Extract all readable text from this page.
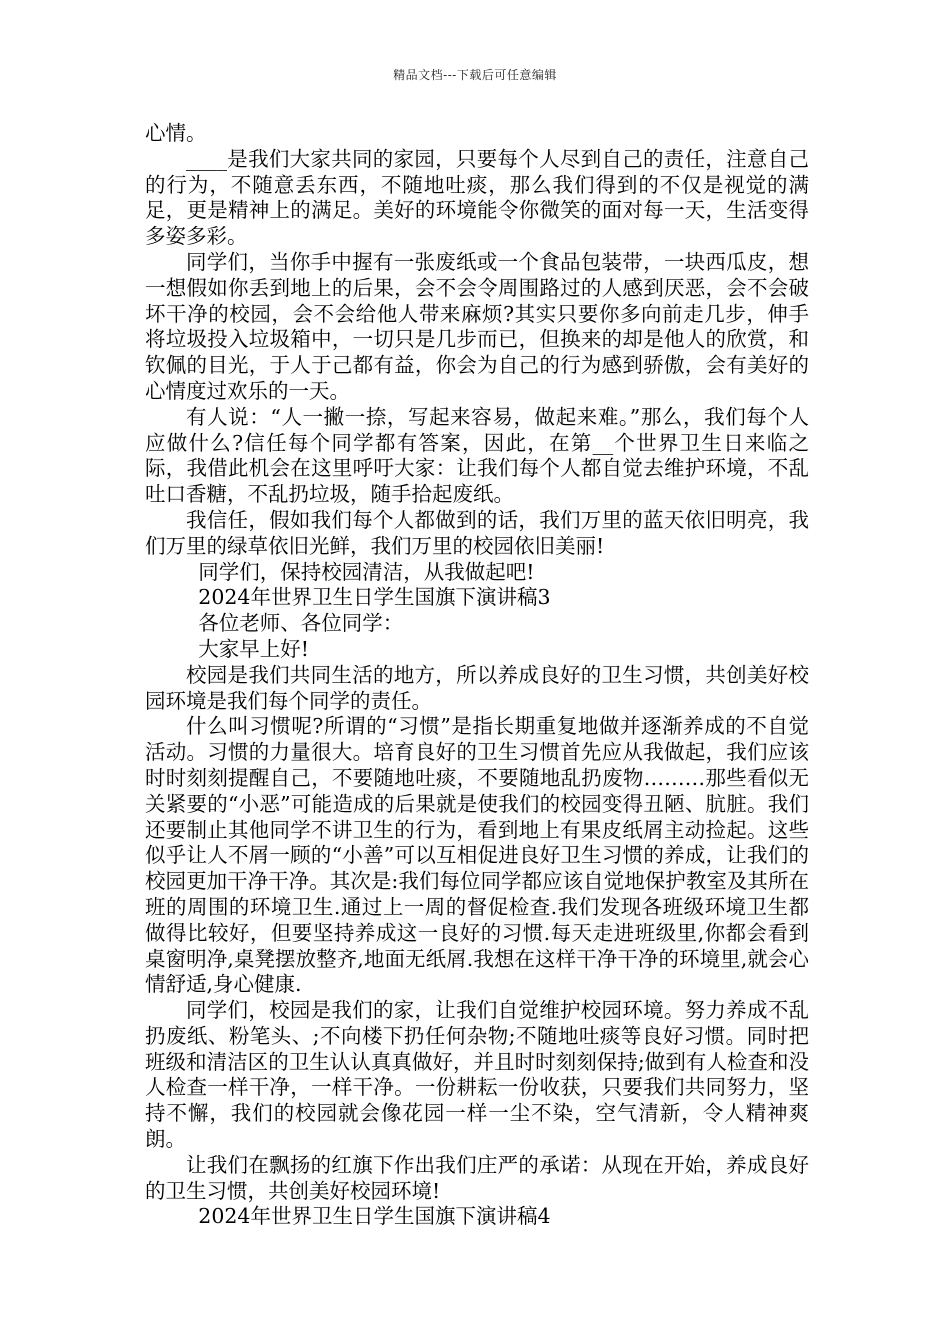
精品文档---下载后可任意编辑

心情。

____是我们大家共同的家园，只要每个人尽到自己的责任，注意自己的行为，不随意丢东西，不随地吐痰，那么我们得到的不仅是视觉的满足，更是精神上的满足。美好的环境能令你微笑的面对每一天，生活变得多姿多彩。

同学们，当你手中握有一张废纸或一个食品包装带，一块西瓜皮，想一想假如你丢到地上的后果，会不会令周围路过的人感到厌恶，会不会破坏干净的校园，会不会给他人带来麻烦?其实只要你多向前走几步，伸手将垃圾投入垃圾箱中，一切只是几步而已，但换来的却是他人的欣赏，和钦佩的目光，于人于己都有益，你会为自己的行为感到骄傲，会有美好的心情度过欢乐的一天。

有人说：“人一撇一捺，写起来容易，做起来难。”那么，我们每个人应做什么?信任每个同学都有答案，因此，在第__个世界卫生日来临之际，我借此机会在这里呼吁大家：让我们每个人都自觉去维护环境，不乱吐口香糖，不乱扔垃圾，随手拾起废纸。

我信任，假如我们每个人都做到的话，我们万里的蓝天依旧明亮，我们万里的绿草依旧光鲜，我们万里的校园依旧美丽!

同学们，保持校园清洁，从我做起吧!

2024年世界卫生日学生国旗下演讲稿3

各位老师、各位同学：

大家早上好!

校园是我们共同生活的地方，所以养成良好的卫生习惯，共创美好校园环境是我们每个同学的责任。

什么叫习惯呢?所谓的“习惯”是指长期重复地做并逐渐养成的不自觉活动。习惯的力量很大。培育良好的卫生习惯首先应从我做起，我们应该时时刻刻提醒自己，不要随地吐痰，不要随地乱扔废物………那些看似无关紧要的“小恶”可能造成的后果就是使我们的校园变得丑陋、肮脏。我们还要制止其他同学不讲卫生的行为，看到地上有果皮纸屑主动捡起。这些似乎让人不屑一顾的“小善”可以互相促进良好卫生习惯的养成，让我们的校园更加干净干净。其次是:我们每位同学都应该自觉地保护教室及其所在班的周围的环境卫生.通过上一周的督促检查.我们发现各班级环境卫生都做得比较好，但要坚持养成这一良好的习惯.每天走进班级里,你都会看到桌窗明净,桌凳摆放整齐,地面无纸屑.我想在这样干净干净的环境里,就会心情舒适,身心健康.

同学们，校园是我们的家，让我们自觉维护校园环境。努力养成不乱扔废纸、粉笔头、;不向楼下扔任何杂物;不随地吐痰等良好习惯。同时把班级和清洁区的卫生认认真真做好，并且时时刻刻保持;做到有人检查和没人检查一样干净，一样干净。一份耕耘一份收获，只要我们共同努力，坚持不懈，我们的校园就会像花园一样一尘不染，空气清新，令人精神爽朗。

让我们在飘扬的红旗下作出我们庄严的承诺：从现在开始，养成良好的卫生习惯，共创美好校园环境!

2024年世界卫生日学生国旗下演讲稿4
